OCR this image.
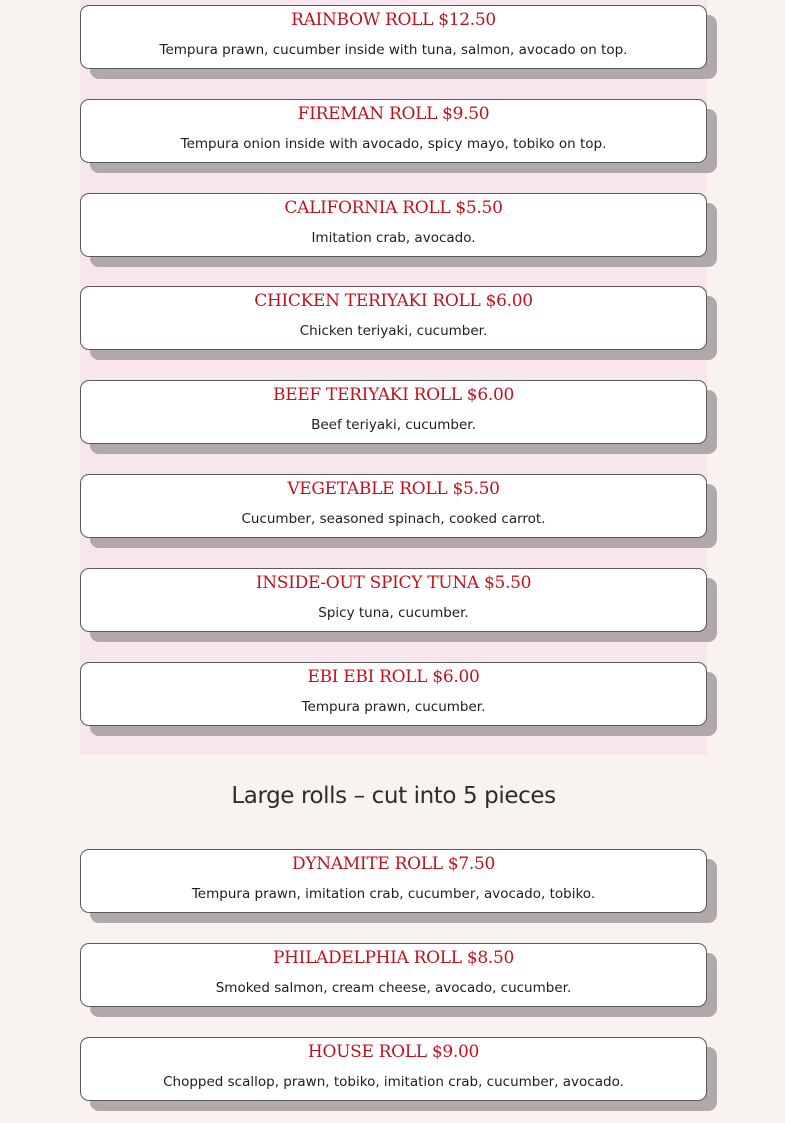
RAINBOW ROLL $12.50
Tempura prawn, cucumber inside with tuna, salmon, avocado on top.
FIREMAN ROLL $9.50
Tempura onion inside with avocado, spicy mayo, tobiko on top.
CALIFORNIA ROLL $5.50
Imitation crab, avocado.
CHICKEN TERIYAKI ROLL $6.00
Chicken teriyaki, cucumber.
BEEF TERIYAKI ROLL $6.00
Beef teriyaki, cucumber.
VEGETABLE ROLL $5.50
Cucumber, seasoned spinach, cooked carrot.
INSIDE-OUT SPICY TUNA $5.50
Spicy tuna, cucumber.
EBI EBI ROLL $6.00
Tempura prawn, cucumber.
Large rolls – cut into 5 pieces
DYNAMITE ROLL $7.50
Tempura prawn, imitation crab, cucumber, avocado, tobiko.
PHILADELPHIA ROLL $8.50
Smoked salmon, cream cheese, avocado, cucumber.
HOUSE ROLL $9.00
Chopped scallop, prawn, tobiko, imitation crab, cucumber, avocado.
